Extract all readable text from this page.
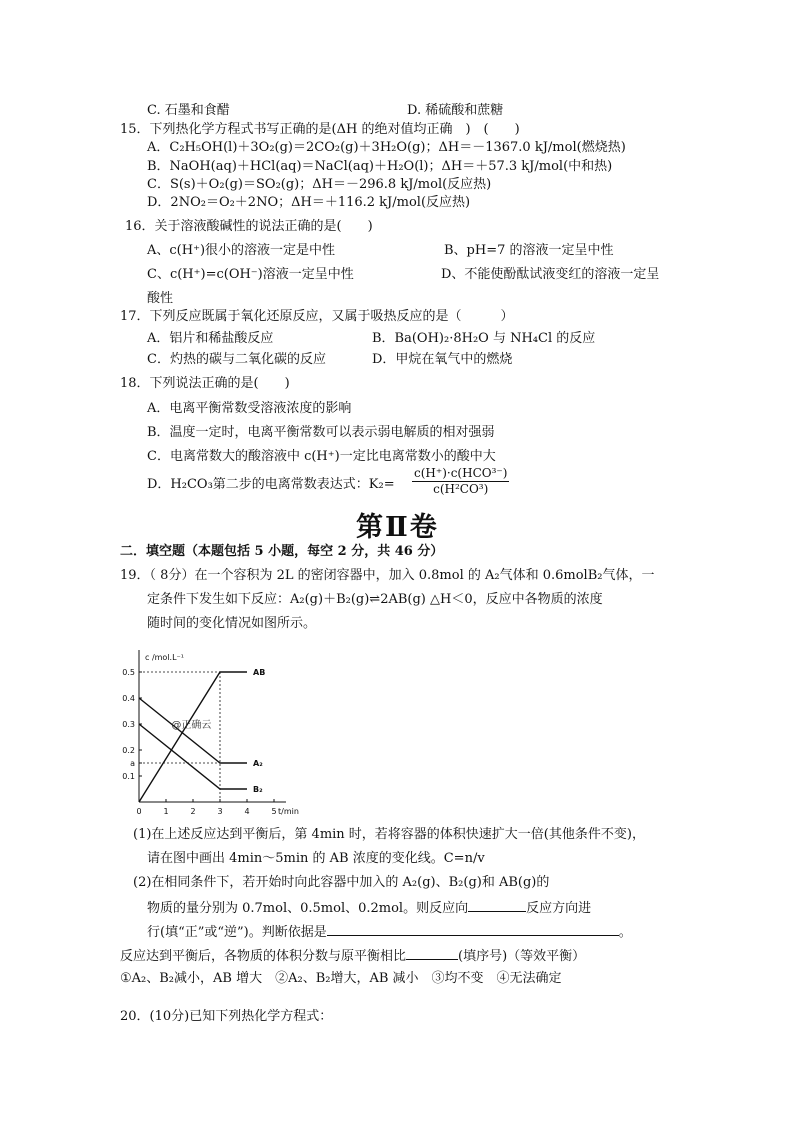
C. 石墨和食醋	D. 稀硫酸和蔗糖
15．下列热化学方程式书写正确的是(ΔH 的绝对值均正确　)　(　　)
A．C₂H₅OH(l)＋3O₂(g)＝2CO₂(g)＋3H₂O(g)；ΔH＝－1367.0 kJ/mol(燃烧热)
B．NaOH(aq)＋HCl(aq)＝NaCl(aq)＋H₂O(l)；ΔH＝＋57.3 kJ/mol(中和热)
C．S(s)＋O₂(g)＝SO₂(g)；ΔH＝－296.8 kJ/mol(反应热)
D．2NO₂＝O₂＋2NO；ΔH＝＋116.2 kJ/mol(反应热)
16．关于溶液酸碱性的说法正确的是(　　)
A、c(H⁺)很小的溶液一定是中性	B、pH=7 的溶液一定呈中性
C、c(H⁺)=c(OH⁻)溶液一定呈中性	D、不能使酚酞试液变红的溶液一定呈
酸性
17．下列反应既属于氧化还原反应，又属于吸热反应的是（　　　）
A．铝片和稀盐酸反应	B．Ba(OH)₂·8H₂O 与 NH₄Cl 的反应
C．灼热的碳与二氧化碳的反应	D．甲烷在氧气中的燃烧
18．下列说法正确的是(　　)
A．电离平衡常数受溶液浓度的影响
B．温度一定时，电离平衡常数可以表示弱电解质的相对强弱
C．电离常数大的酸溶液中 c(H⁺)一定比电离常数小的酸中大
D．H₂CO₃第二步的电离常数表达式：K₂=
c(H⁺)·c(HCO³⁻)
c(H²CO³)
第Ⅱ卷
二．填空题（本题包括 5 小题，每空 2 分，共 46 分）
19．（ 8分）在一个容积为 2L 的密闭容器中，加入 0.8mol 的 A₂气体和 0.6molB₂气体，一
定条件下发生如下反应：A₂(g)＋B₂(g)⇌2AB(g) △H＜0，反应中各物质的浓度
随时间的变化情况如图所示。
c /mol.L⁻¹
t/min
0	1	2	3	4	5
0.1
0.2
0.3
0.4
0.5
a
AB
A₂
B₂
@正确云
(1)在上述反应达到平衡后，第 4min 时，若将容器的体积快速扩大一倍(其他条件不变)，
请在图中画出 4min～5min 的 AB 浓度的变化线。C=n/v
(2)在相同条件下，若开始时向此容器中加入的 A₂(g)、B₂(g)和 AB(g)的
物质的量分别为 0.7mol、0.5mol、0.2mol。则反应向	反应方向进
行(填“正”或“逆”)。判断依据是	。
反应达到平衡后，各物质的体积分数与原平衡相比	(填序号)（等效平衡）
①A₂、B₂减小，AB 增大　②A₂、B₂增大，AB 减小　③均不变　④无法确定
20．(10分)已知下列热化学方程式：
